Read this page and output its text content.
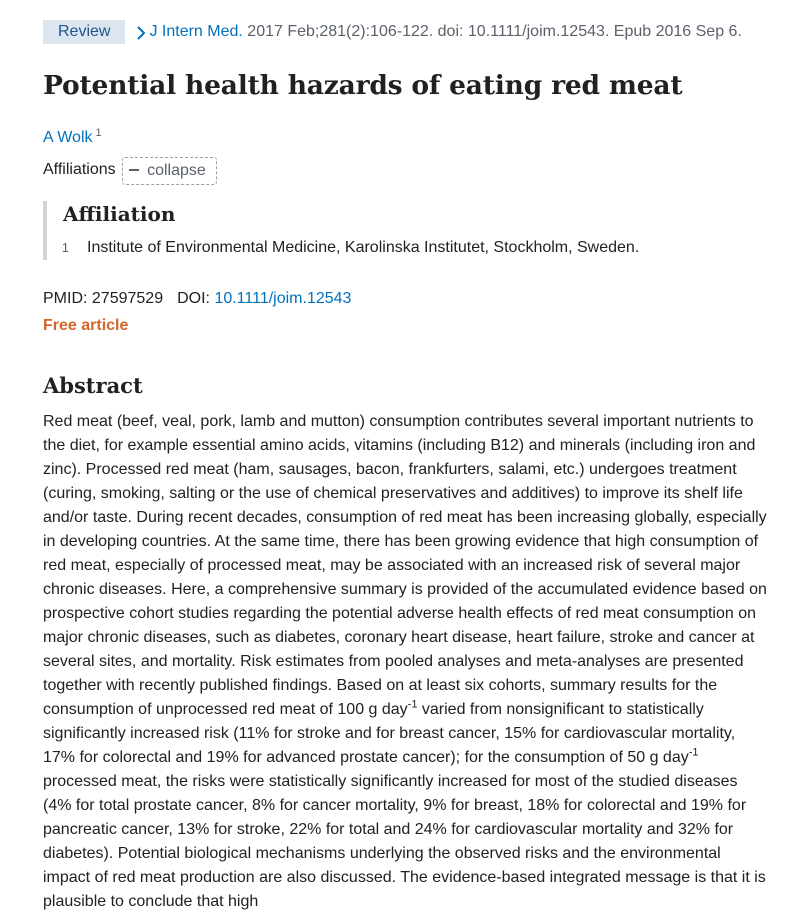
Review J Intern Med. 2017 Feb;281(2):106-122. doi: 10.1111/joim.12543. Epub 2016 Sep 6.
Potential health hazards of eating red meat
A Wolk $^1$
Affiliations collapse
Affiliation
1 Institute of Environmental Medicine, Karolinska Institutet, Stockholm, Sweden.
PMID: 27597529 DOI: 10.1111/joim.12543
Free article
Abstract

Red meat (beef, veal, pork, lamb and mutton) consumption contributes several important nutrients to the diet, for example essential amino acids, vitamins (including B12) and minerals (including iron and zinc). Processed red meat (ham, sausages, bacon, frankfurters, salami, etc.) undergoes treatment (curing, smoking, salting or the use of chemical preservatives and additives) to improve its shelf life and/or taste. During recent decades, consumption of red meat has been increasing globally, especially in developing countries. At the same time, there has been growing evidence that high consumption of red meat, especially of processed meat, may be associated with an increased risk of several major chronic diseases. Here, a comprehensive summary is provided of the accumulated evidence based on prospective cohort studies regarding the potential adverse health effects of red meat consumption on major chronic diseases, such as diabetes, coronary heart disease, heart failure, stroke and cancer at several sites, and mortality. Risk estimates from pooled analyses and meta-analyses are presented together with recently published findings. Based on at least six cohorts, summary results for the consumption of unprocessed red meat of 100 g day$^{-1}$ varied from nonsignificant to statistically significantly increased risk (11% for stroke and for breast cancer, 15% for cardiovascular mortality, 17% for colorectal and 19% for advanced prostate cancer); for the consumption of 50 g day$^{-1}$ processed meat, the risks were statistically significantly increased for most of the studied diseases (4% for total prostate cancer, 8% for cancer mortality, 9% for breast, 18% for colorectal and 19% for pancreatic cancer, 13% for stroke, 22% for total and 24% for cardiovascular mortality and 32% for diabetes). Potential biological mechanisms underlying the observed risks and the environmental impact of red meat production are also discussed. The evidence-based integrated message is that it is plausible to conclude that high
